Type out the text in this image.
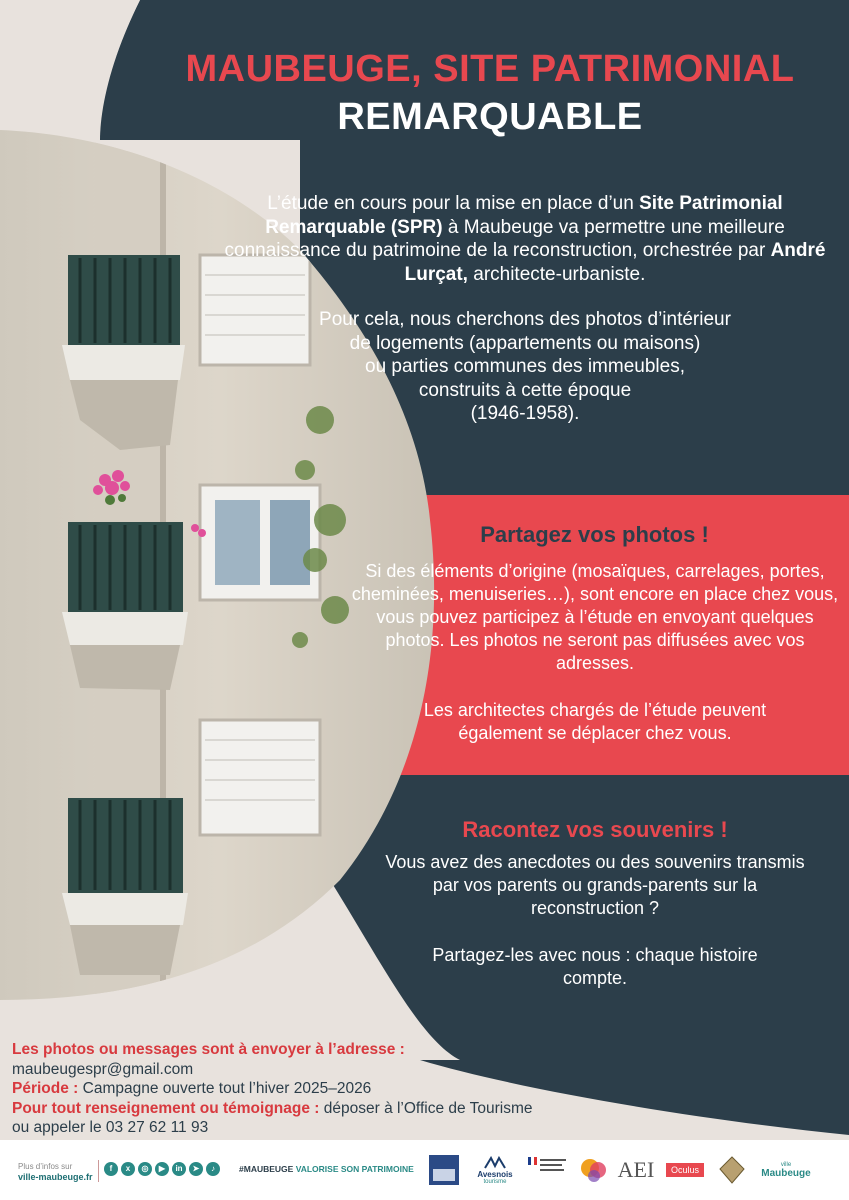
MAUBEUGE, SITE PATRIMONIAL
REMARQUABLE

L’étude en cours pour la mise en place d’un Site Patrimonial Remarquable (SPR) à Maubeuge va permettre une meilleure connaissance du patrimoine de la reconstruction, orchestrée par André Lurçat, architecte-urbaniste.

Pour cela, nous cherchons des photos d’intérieur
de logements (appartements ou maisons)
ou parties communes des immeubles,
construits à cette époque
(1946-1958).

Partagez vos photos !

Si des éléments d’origine (mosaïques, carrelages, portes, cheminées, menuiseries…), sont encore en place chez vous, vous pouvez participez à l’étude en envoyant quelques photos. Les photos ne seront pas diffusées avec vos adresses.

Les architectes chargés de l’étude peuvent également se déplacer chez vous.

Racontez vos souvenirs !

Vous avez des anecdotes ou des souvenirs transmis par vos parents ou grands-parents sur la reconstruction ?

Partagez-les avec nous : chaque histoire compte.

Les photos ou messages sont à envoyer à l’adresse :

maubeugespr@gmail.com

Période : Campagne ouverte tout l’hiver 2025–2026

Pour tout renseignement ou témoignage : déposer à l’Office de Tourisme

ou appeler le 03 27 62 11 93

Plus d’infos sur
ville-maubeuge.fr
f	x	◎	▶	in	➤	♪	#MAUBEUGE VALORISE SON PATRIMOINE	Avesnois
tourisme	AEI	Oculus
ville
Maubeuge
